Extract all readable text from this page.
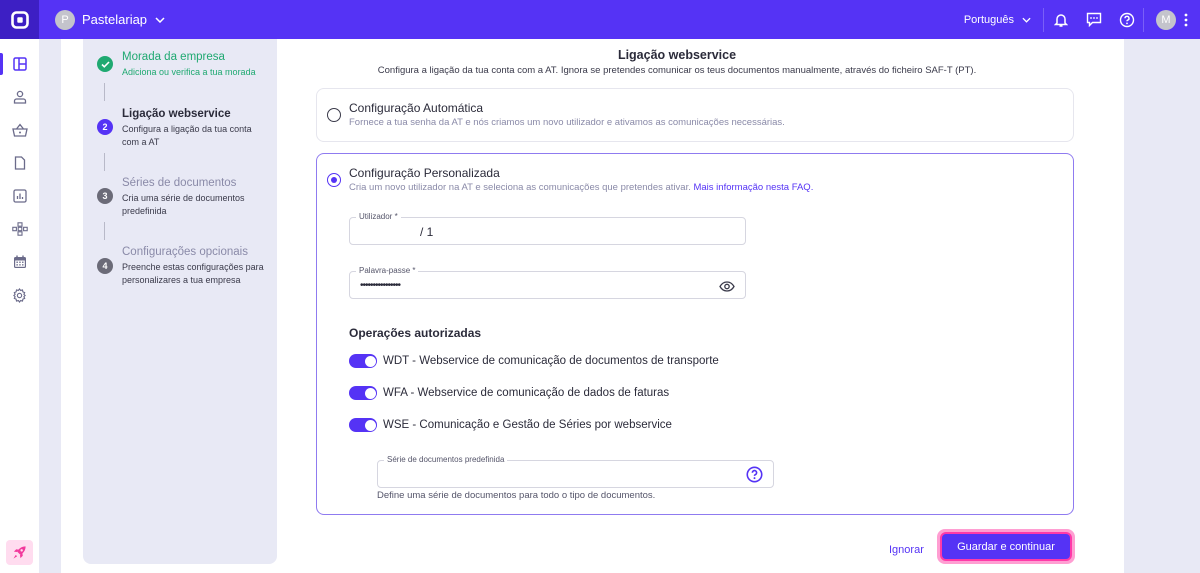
P	Pastelariap	Português	M
Morada da empresa
Adiciona ou verifica a tua morada
2
Ligação webservice
Configura a ligação da tua conta com a AT
3
Séries de documentos
Cria uma série de documentos predefinida
4
Configurações opcionais
Preenche estas configurações para personalizares a tua empresa
Ligação webservice
Configura a ligação da tua conta com a AT. Ignora se pretendes comunicar os teus documentos manualmente, através do ficheiro SAF-T (PT).
Configuração Automática
Fornece a tua senha da AT e nós criamos um novo utilizador e ativamos as comunicações necessárias.
Configuração Personalizada
Cria um novo utilizador na AT e seleciona as comunicações que pretendes ativar. Mais informação nesta FAQ.
Utilizador *
/ 1
Palavra-passe *
••••••••••••••••
Operações autorizadas
WDT - Webservice de comunicação de documentos de transporte
WFA - Webservice de comunicação de dados de faturas
WSE - Comunicação e Gestão de Séries por webservice
Série de documentos predefinida
Define uma série de documentos para todo o tipo de documentos.
Ignorar	Guardar e continuar
